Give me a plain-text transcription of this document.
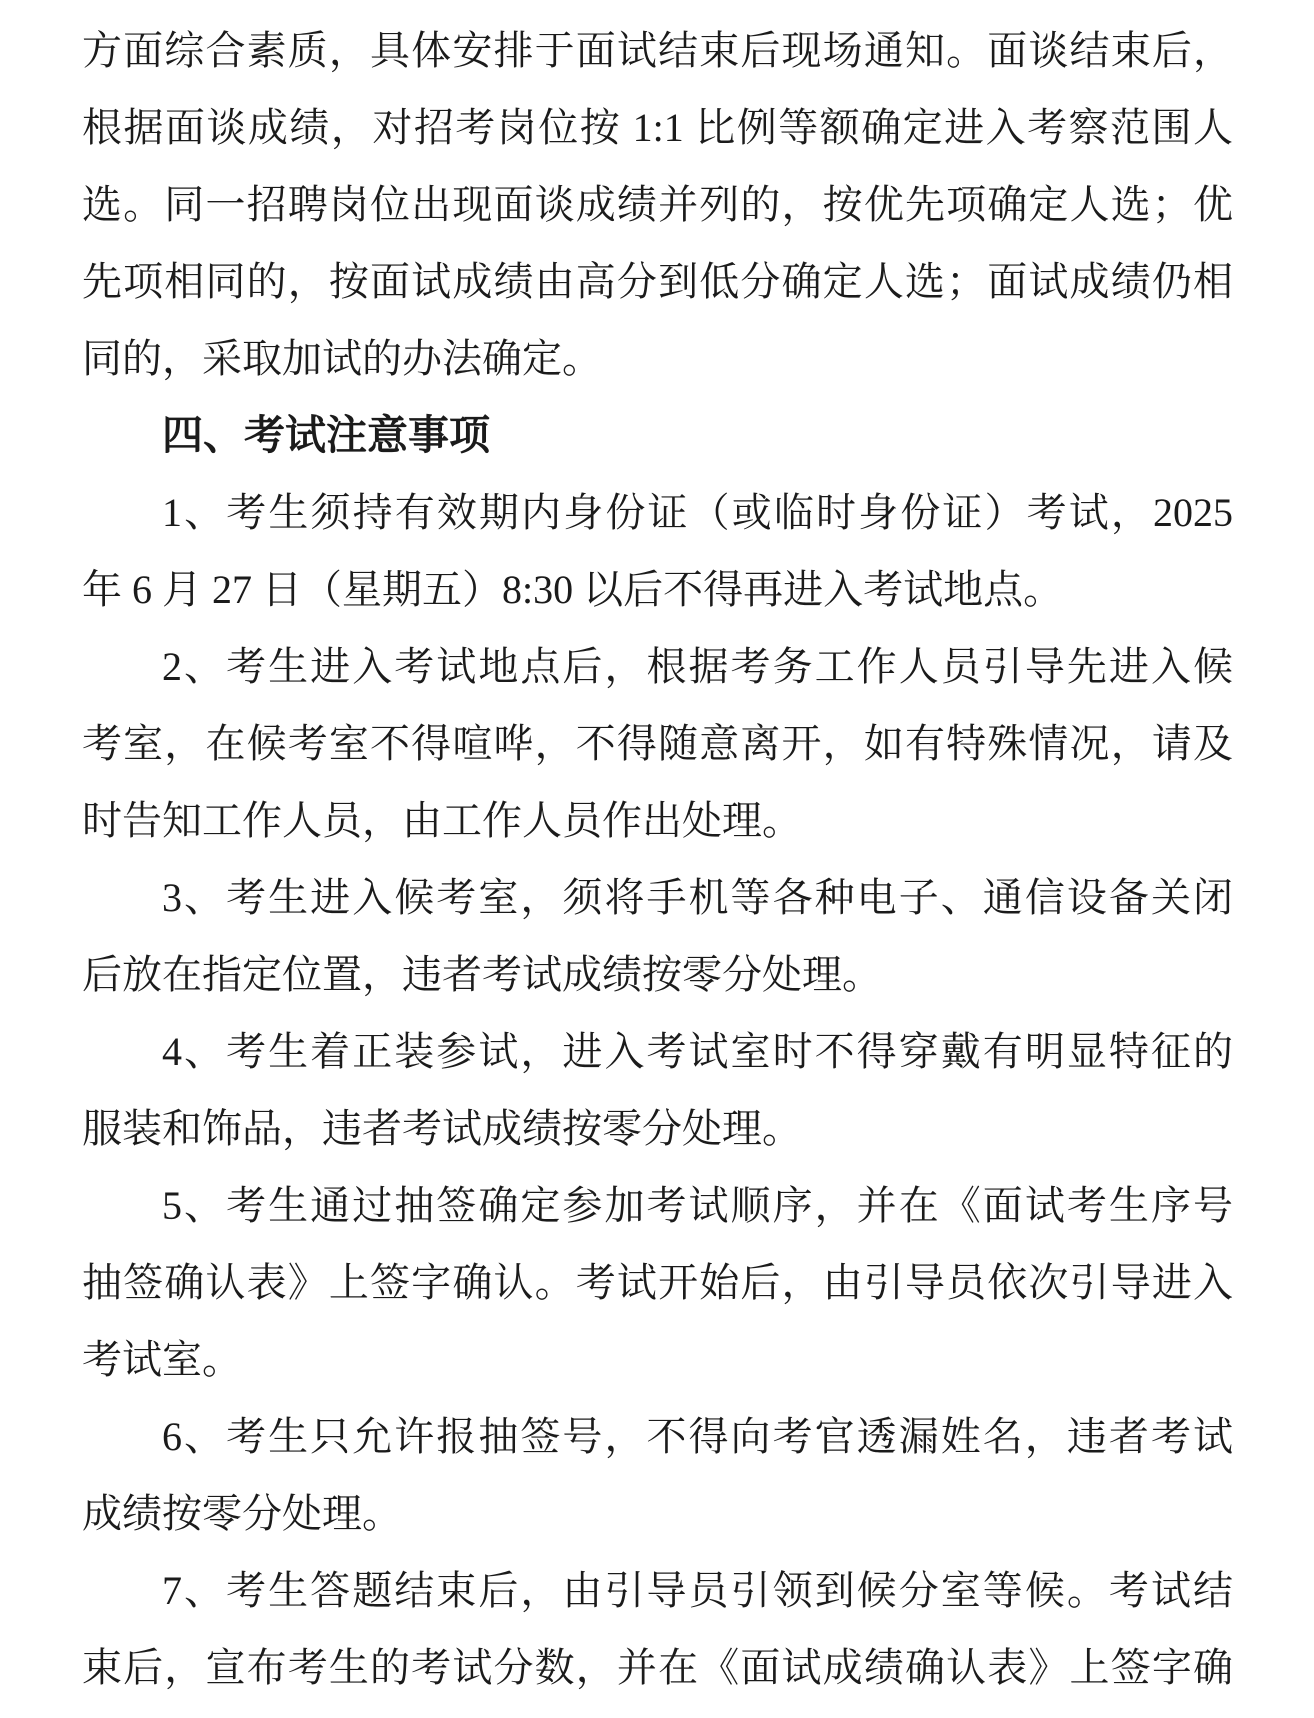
方面综合素质，具体安排于面试结束后现场通知。面谈结束后，
根据面谈成绩，对招考岗位按 1:1 比例等额确定进入考察范围人
选。同一招聘岗位出现面谈成绩并列的，按优先项确定人选；优
先项相同的，按面试成绩由高分到低分确定人选；面试成绩仍相
同的，采取加试的办法确定。
四、考试注意事项
1、考生须持有效期内身份证（或临时身份证）考试，2025
年 6 月 27 日（星期五）8:30 以后不得再进入考试地点。
2、考生进入考试地点后，根据考务工作人员引导先进入候
考室，在候考室不得喧哗，不得随意离开，如有特殊情况，请及
时告知工作人员，由工作人员作出处理。
3、考生进入候考室，须将手机等各种电子、通信设备关闭
后放在指定位置，违者考试成绩按零分处理。
4、考生着正装参试，进入考试室时不得穿戴有明显特征的
服装和饰品，违者考试成绩按零分处理。
5、考生通过抽签确定参加考试顺序，并在《面试考生序号
抽签确认表》上签字确认。考试开始后，由引导员依次引导进入
考试室。
6、考生只允许报抽签号，不得向考官透漏姓名，违者考试
成绩按零分处理。
7、考生答题结束后，由引导员引领到候分室等候。考试结
束后，宣布考生的考试分数，并在《面试成绩确认表》上签字确
